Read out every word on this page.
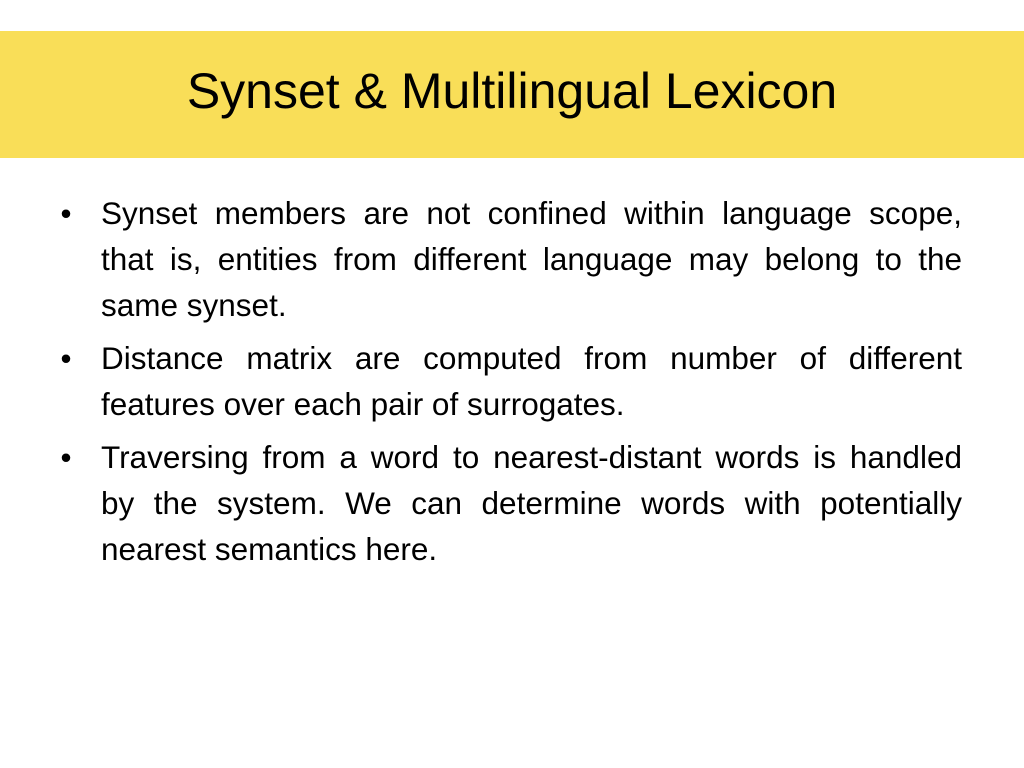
Synset & Multilingual Lexicon
• Synset members are not confined within language scope, that is, entities from different language may belong to the same synset.
• Distance matrix are computed from number of different features over each pair of surrogates.
• Traversing from a word to nearest-distant words is handled by the system. We can determine words with potentially nearest semantics here.
